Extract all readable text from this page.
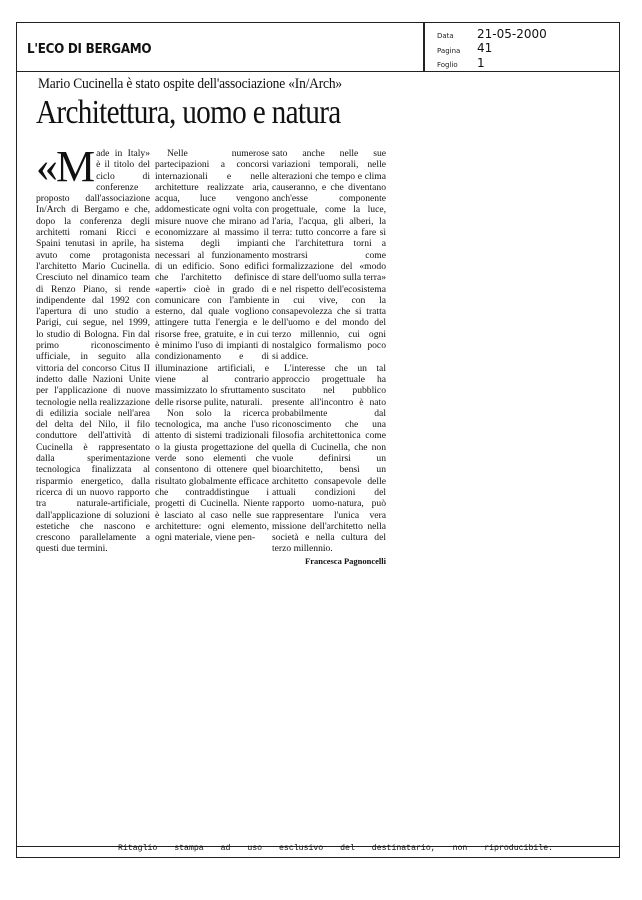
L'ECO DI BERGAMO
Data 21-05-2000
Pagina 41
Foglio 1
Mario Cucinella è stato ospite dell'associazione «In/Arch»
Architettura, uomo e natura

«M ade in Italy» è il titolo del ciclo di conferenze proposto dall'associazione In/Arch di Bergamo e che, dopo la conferenza degli architetti romani Ricci e Spaini tenutasi in aprile, ha avuto come protagonista l'architetto Mario Cucinella. Cresciuto nel dinamico team di Renzo Piano, si rende indipendente dal 1992 con l'apertura di uno studio a Parigi, cui segue, nel 1999, lo studio di Bologna. Fin dal primo riconoscimento ufficiale, in seguito alla vittoria del concorso Citus II indetto dalle Nazioni Unite per l'applicazione di nuove tecnologie nella realizzazione di edilizia sociale nell'area del delta del Nilo, il filo conduttore dell'attività di Cucinella è rappresentato dalla sperimentazione tecnologica finalizzata al risparmio energetico, dalla ricerca di un nuovo rapporto tra naturale-artificiale, dall'applicazione di soluzioni estetiche che nascono e crescono parallelamente a questi due termini.

Nelle numerose partecipazioni a concorsi internazionali e nelle architetture realizzate aria, acqua, luce vengono addomesticate ogni volta con misure nuove che mirano ad economizzare al massimo il sistema degli impianti necessari al funzionamento di un edificio. Sono edifici che l'architetto definisce «aperti» cioè in grado di comunicare con l'ambiente esterno, dal quale vogliono attingere tutta l'energia e le risorse free, gratuite, e in cui è minimo l'uso di impianti di condizionamento e di illuminazione artificiali, e viene al contrario massimizzato lo sfruttamento delle risorse pulite, naturali.

Non solo la ricerca tecnologica, ma anche l'uso attento di sistemi tradizionali o la giusta progettazione del verde sono elementi che consentono di ottenere quel risultato globalmente efficace che contraddistingue i progetti di Cucinella. Niente è lasciato al caso nelle sue architetture: ogni elemento, ogni materiale, viene pen-

sato anche nelle sue variazioni temporali, nelle alterazioni che tempo e clima causeranno, e che diventano anch'esse componente progettuale, come la luce, l'aria, l'acqua, gli alberi, la terra: tutto concorre a fare sì che l'architettura torni a mostrarsi come formalizzazione del «modo di stare dell'uomo sulla terra» e nel rispetto dell'ecosistema in cui vive, con la consapevolezza che si tratta dell'uomo e del mondo del terzo millennio, cui ogni nostalgico formalismo poco si addice.

L'interesse che un tal approccio progettuale ha suscitato nel pubblico presente all'incontro è nato probabilmente dal riconoscimento che una filosofia architettonica come quella di Cucinella, che non vuole definirsi un bioarchitetto, bensì un architetto consapevole delle attuali condizioni del rapporto uomo-natura, può rappresentare l'unica vera missione dell'architetto nella società e nella cultura del terzo millennio.

Francesca Pagnoncelli
Ritaglio stampa ad uso esclusivo del destinatario, non riproducibile.
